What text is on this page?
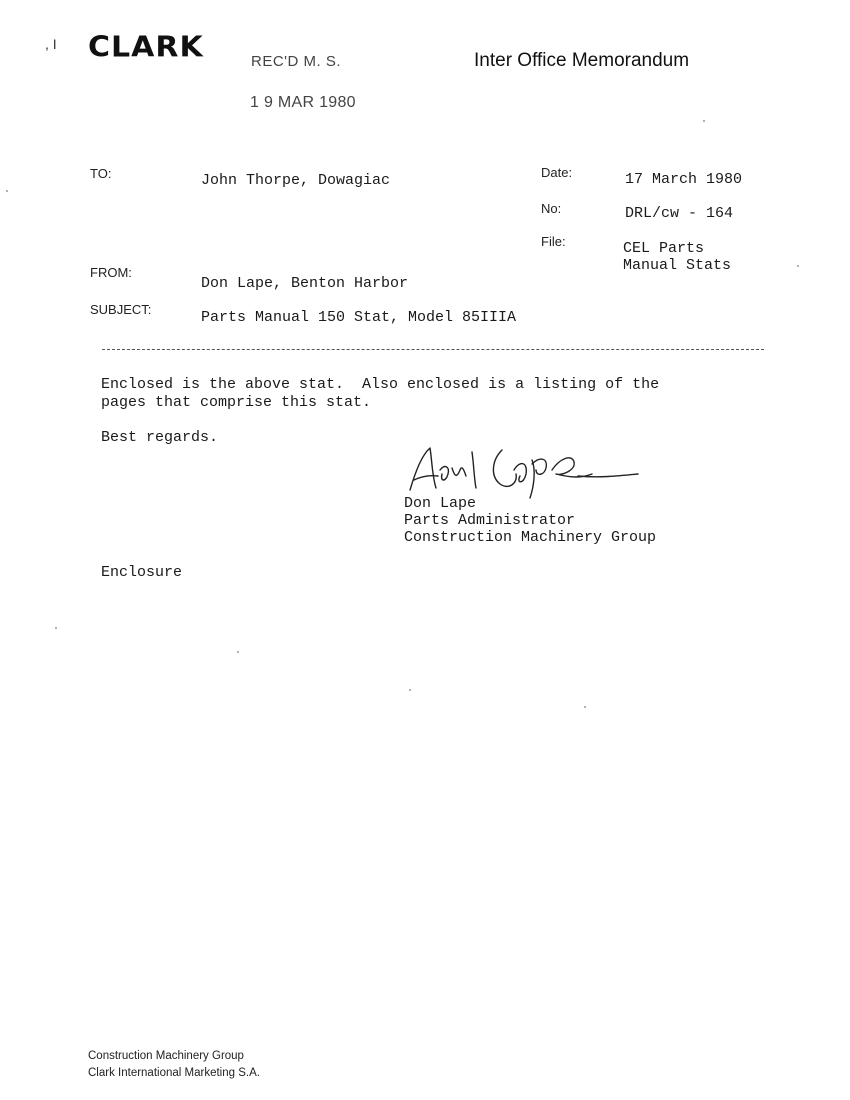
, I CLARK	REC'D M. S.
1 9 MAR 1980
Inter Office Memorandum
TO:	John Thorpe, Dowagiac
FROM:
Don Lape, Benton Harbor
SUBJECT:	Parts Manual 150 Stat, Model 85IIIA
Date:	17 March 1980
No:	DRL/cw - 164
File:	CEL Parts
Manual Stats
Enclosed is the above stat.  Also enclosed is a listing of the
pages that comprise this stat.
Best regards.
Don Lape
Parts Administrator
Construction Machinery Group
Enclosure
Construction Machinery Group
Clark International Marketing S.A.
